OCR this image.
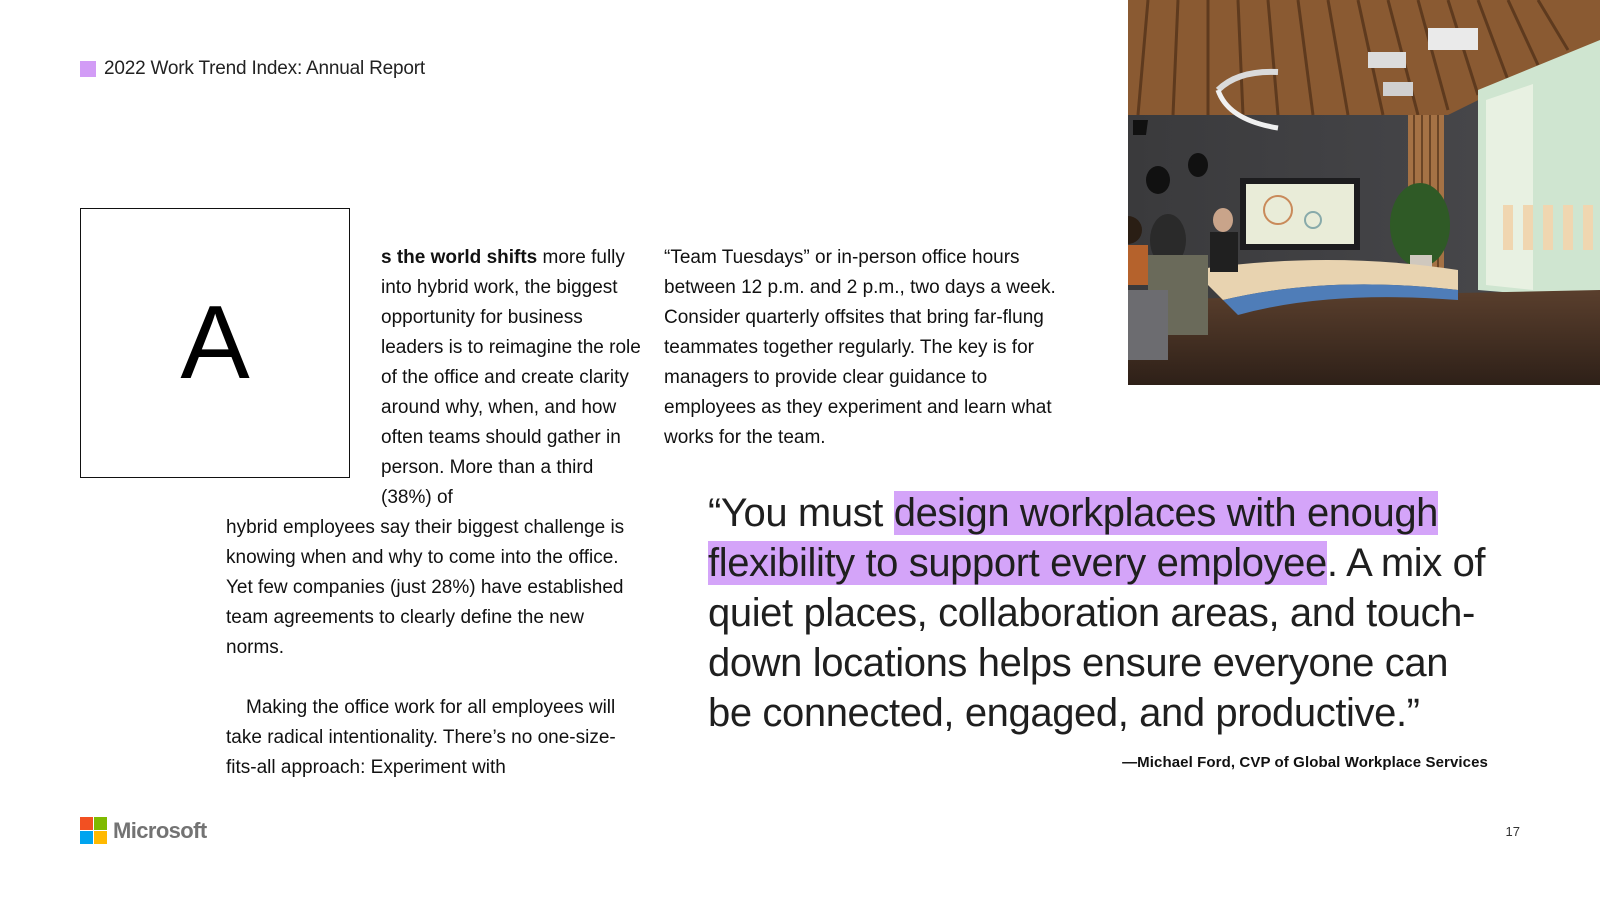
2022 Work Trend Index: Annual Report
A

s the world shifts more fully into hybrid work, the biggest opportunity for business leaders is to reimagine the role of the office and create clarity around why, when, and how often teams should gather in person. More than a third (38%) of

hybrid employees say their biggest challenge is knowing when and why to come into the office. Yet few companies (just 28%) have established team agreements to clearly define the new norms.

Making the office work for all employees will take radical intentionality. There’s no one-size-fits-all approach: Experiment with

“Team Tuesdays” or in-person office hours between 12 p.m. and 2 p.m., two days a week. Consider quarterly offsites that bring far-flung teammates together regularly. The key is for managers to provide clear guidance to employees as they experiment and learn what works for the team.

“You must design workplaces with enough flexibility to support every employee. A mix of quiet places, collaboration areas, and touch-down locations helps ensure everyone can be connected, engaged, and productive.”
—Michael Ford, CVP of Global Workplace Services
Microsoft	17
